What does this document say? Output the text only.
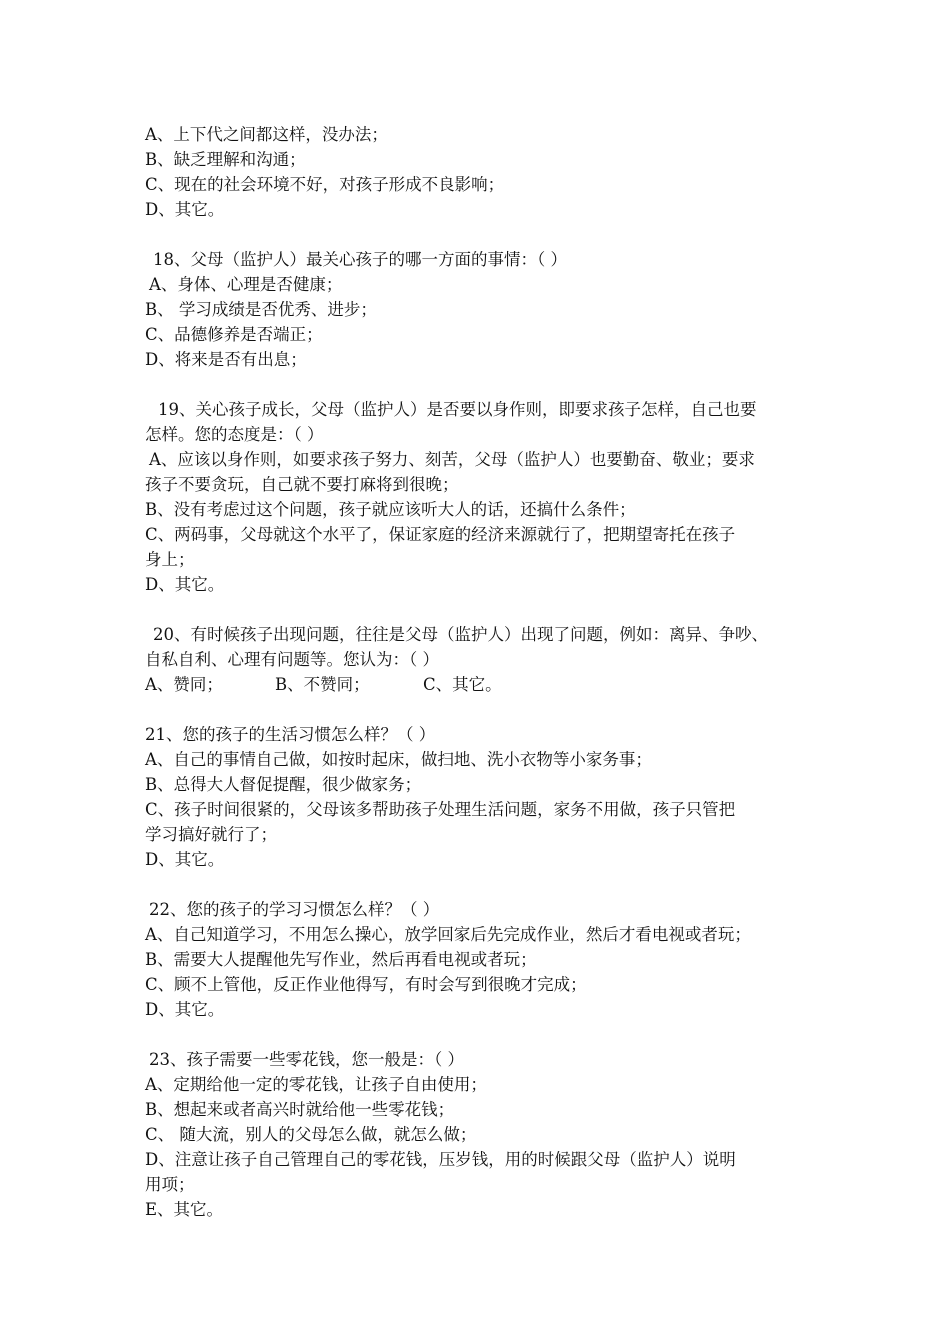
A、上下代之间都这样，没办法；
B、缺乏理解和沟通；
C、现在的社会环境不好，对孩子形成不良影响；
D、其它。
18、父母（监护人）最关心孩子的哪一方面的事情：（ ）
A、身体、心理是否健康；
B、 学习成绩是否优秀、进步；
C、品德修养是否端正；
D、将来是否有出息；
19、关心孩子成长，父母（监护人）是否要以身作则，即要求孩子怎样，自己也要
怎样。您的态度是：（ ）
A、应该以身作则，如要求孩子努力、刻苦，父母（监护人）也要勤奋、敬业；要求
孩子不要贪玩，自己就不要打麻将到很晚；
B、没有考虑过这个问题，孩子就应该听大人的话，还搞什么条件；
C、两码事，父母就这个水平了，保证家庭的经济来源就行了，把期望寄托在孩子
身上；
D、其它。
20、有时候孩子出现问题，往往是父母（监护人）出现了问题，例如：离异、争吵、
自私自利、心理有问题等。您认为：（ ）
A、赞同；	B、不赞同；	C、其它。
21、您的孩子的生活习惯怎么样？（ ）
A、自己的事情自己做，如按时起床，做扫地、洗小衣物等小家务事；
B、总得大人督促提醒，很少做家务；
C、孩子时间很紧的，父母该多帮助孩子处理生活问题，家务不用做，孩子只管把
学习搞好就行了；
D、其它。
22、您的孩子的学习习惯怎么样？（ ）
A、自己知道学习，不用怎么操心，放学回家后先完成作业，然后才看电视或者玩；
B、需要大人提醒他先写作业，然后再看电视或者玩；
C、顾不上管他，反正作业他得写，有时会写到很晚才完成；
D、其它。
23、孩子需要一些零花钱，您一般是：（ ）
A、定期给他一定的零花钱，让孩子自由使用；
B、想起来或者高兴时就给他一些零花钱；
C、 随大流，别人的父母怎么做，就怎么做；
D、注意让孩子自己管理自己的零花钱，压岁钱，用的时候跟父母（监护人）说明
用项；
E、其它。
